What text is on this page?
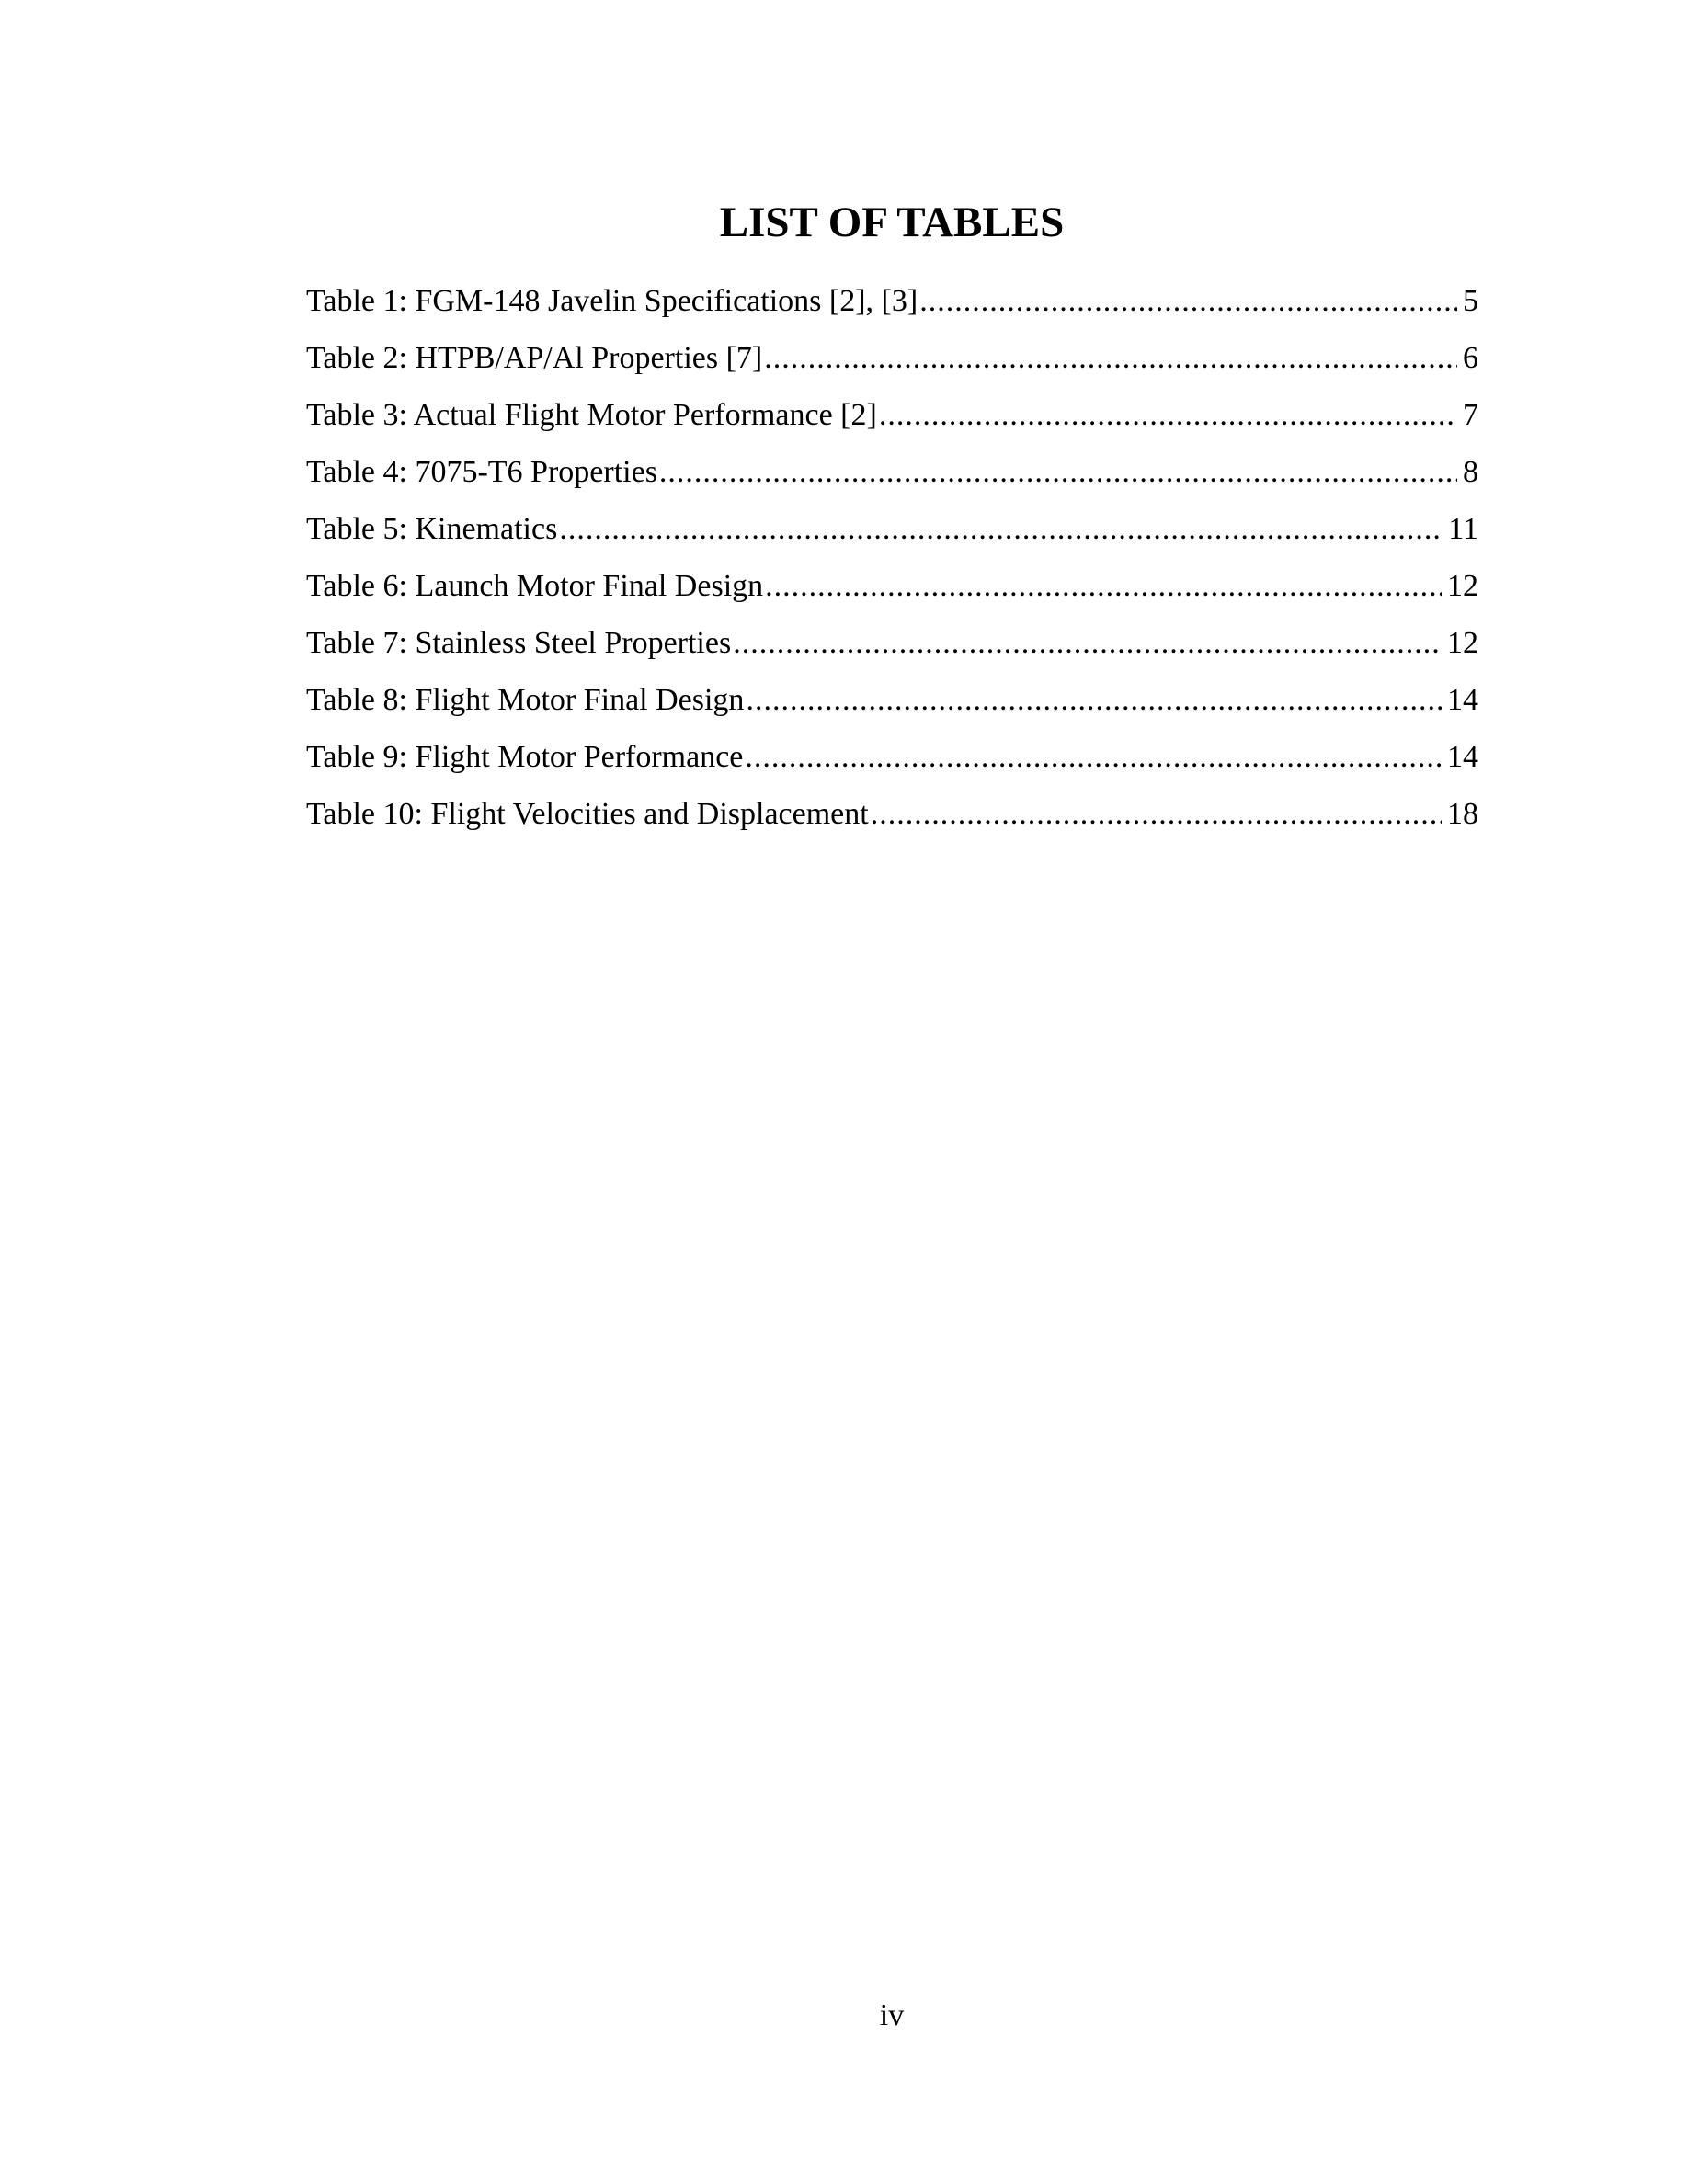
LIST OF TABLES
Table 1: FGM-148 Javelin Specifications [2], [3] .....	5
Table 2: HTPB/AP/Al Properties [7] .....	6
Table 3: Actual Flight Motor Performance [2] .....	7
Table 4: 7075-T6 Properties .....	8
Table 5: Kinematics .....	11
Table 6: Launch Motor Final Design .....	12
Table 7: Stainless Steel Properties .....	12
Table 8: Flight Motor Final Design .....	14
Table 9: Flight Motor Performance .....	14
Table 10: Flight Velocities and Displacement .....	18
iv
